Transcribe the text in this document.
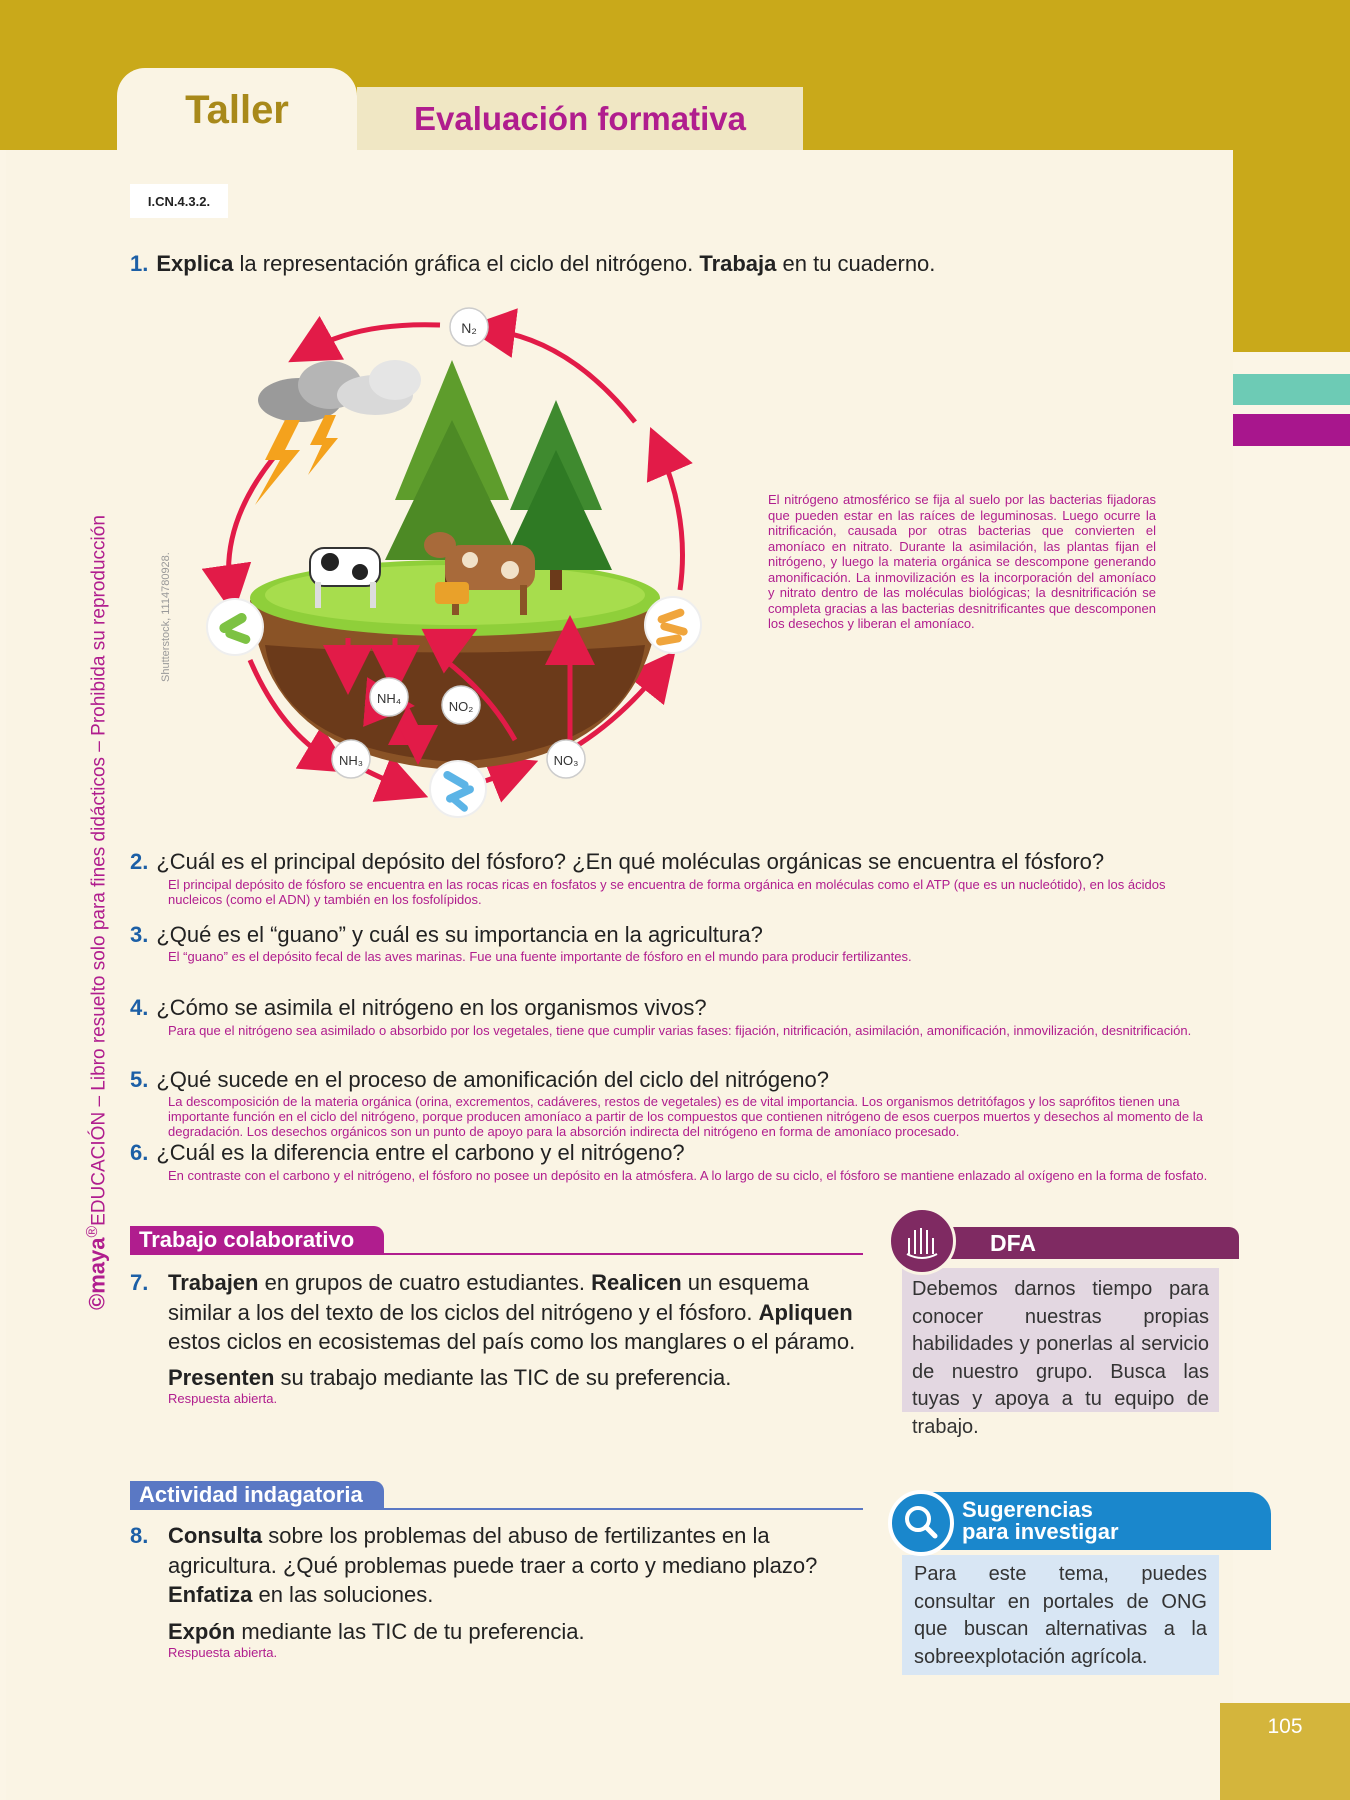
Taller	Evaluación formativa
I.CN.4.3.2.
©maya®EDUCACIÓN – Libro resuelto solo para fines didácticos – Prohibida su reproducción	Shutterstock, 1114780928.
1. Explica la representación gráfica el ciclo del nitrógeno. Trabaja en tu cuaderno.
N₂
NH₄
NO₂
NH₃	NO₃
El nitrógeno atmosférico se fija al suelo por las bacterias fijadoras que pueden estar en las raíces de leguminosas. Luego ocurre la nitrificación, causada por otras bacterias que convierten el amoníaco en nitrato. Durante la asimilación, las plantas fijan el nitrógeno, y luego la materia orgánica se descompone generando amonificación. La inmovilización es la incorporación del amoníaco y nitrato dentro de las moléculas biológicas; la desnitrificación se completa gracias a las bacterias desnitrificantes que descomponen los desechos y liberan el amoníaco.
2. ¿Cuál es el principal depósito del fósforo? ¿En qué moléculas orgánicas se encuentra el fósforo?
El principal depósito de fósforo se encuentra en las rocas ricas en fosfatos y se encuentra de forma orgánica en moléculas como el ATP (que es un nucleótido), en los ácidos nucleicos (como el ADN) y también en los fosfolípidos.
3. ¿Qué es el “guano” y cuál es su importancia en la agricultura?
El “guano” es el depósito fecal de las aves marinas. Fue una fuente importante de fósforo en el mundo para producir fertilizantes.
4. ¿Cómo se asimila el nitrógeno en los organismos vivos?
Para que el nitrógeno sea asimilado o absorbido por los vegetales, tiene que cumplir varias fases: fijación, nitrificación, asimilación, amonificación, inmovilización, desnitrificación.
5. ¿Qué sucede en el proceso de amonificación del ciclo del nitrógeno?
La descomposición de la materia orgánica (orina, excrementos, cadáveres, restos de vegetales) es de vital importancia. Los organismos detritófagos y los saprófitos tienen una importante función en el ciclo del nitrógeno, porque producen amoníaco a partir de los compuestos que contienen nitrógeno de esos cuerpos muertos y desechos al momento de la degradación. Los desechos orgánicos son un punto de apoyo para la absorción indirecta del nitrógeno en forma de amoníaco procesado.
6. ¿Cuál es la diferencia entre el carbono y el nitrógeno?
En contraste con el carbono y el nitrógeno, el fósforo no posee un depósito en la atmósfera. A lo largo de su ciclo, el fósforo se mantiene enlazado al oxígeno en la forma de fosfato.
Trabajo colaborativo
7. Trabajen en grupos de cuatro estudiantes. Realicen un esquema similar a los del texto de los ciclos del nitrógeno y el fósforo. Apliquen estos ciclos en ecosistemas del país como los manglares o el páramo.
Presenten su trabajo mediante las TIC de su preferencia.
Respuesta abierta.
Debemos darnos tiempo para conocer nuestras propias habilidades y ponerlas al servicio de nuestro grupo. Busca las tuyas y apoya a tu equipo de trabajo.
DFA
Actividad indagatoria
8. Consulta sobre los problemas del abuso de fertilizantes en la agricultura. ¿Qué problemas puede traer a corto y mediano plazo? Enfatiza en las soluciones.
Expón mediante las TIC de tu preferencia.
Respuesta abierta.
Para este tema, puedes consultar en portales de ONG que buscan alternativas a la sobreexplotación agrícola.
Sugerencias
para investigar
105
